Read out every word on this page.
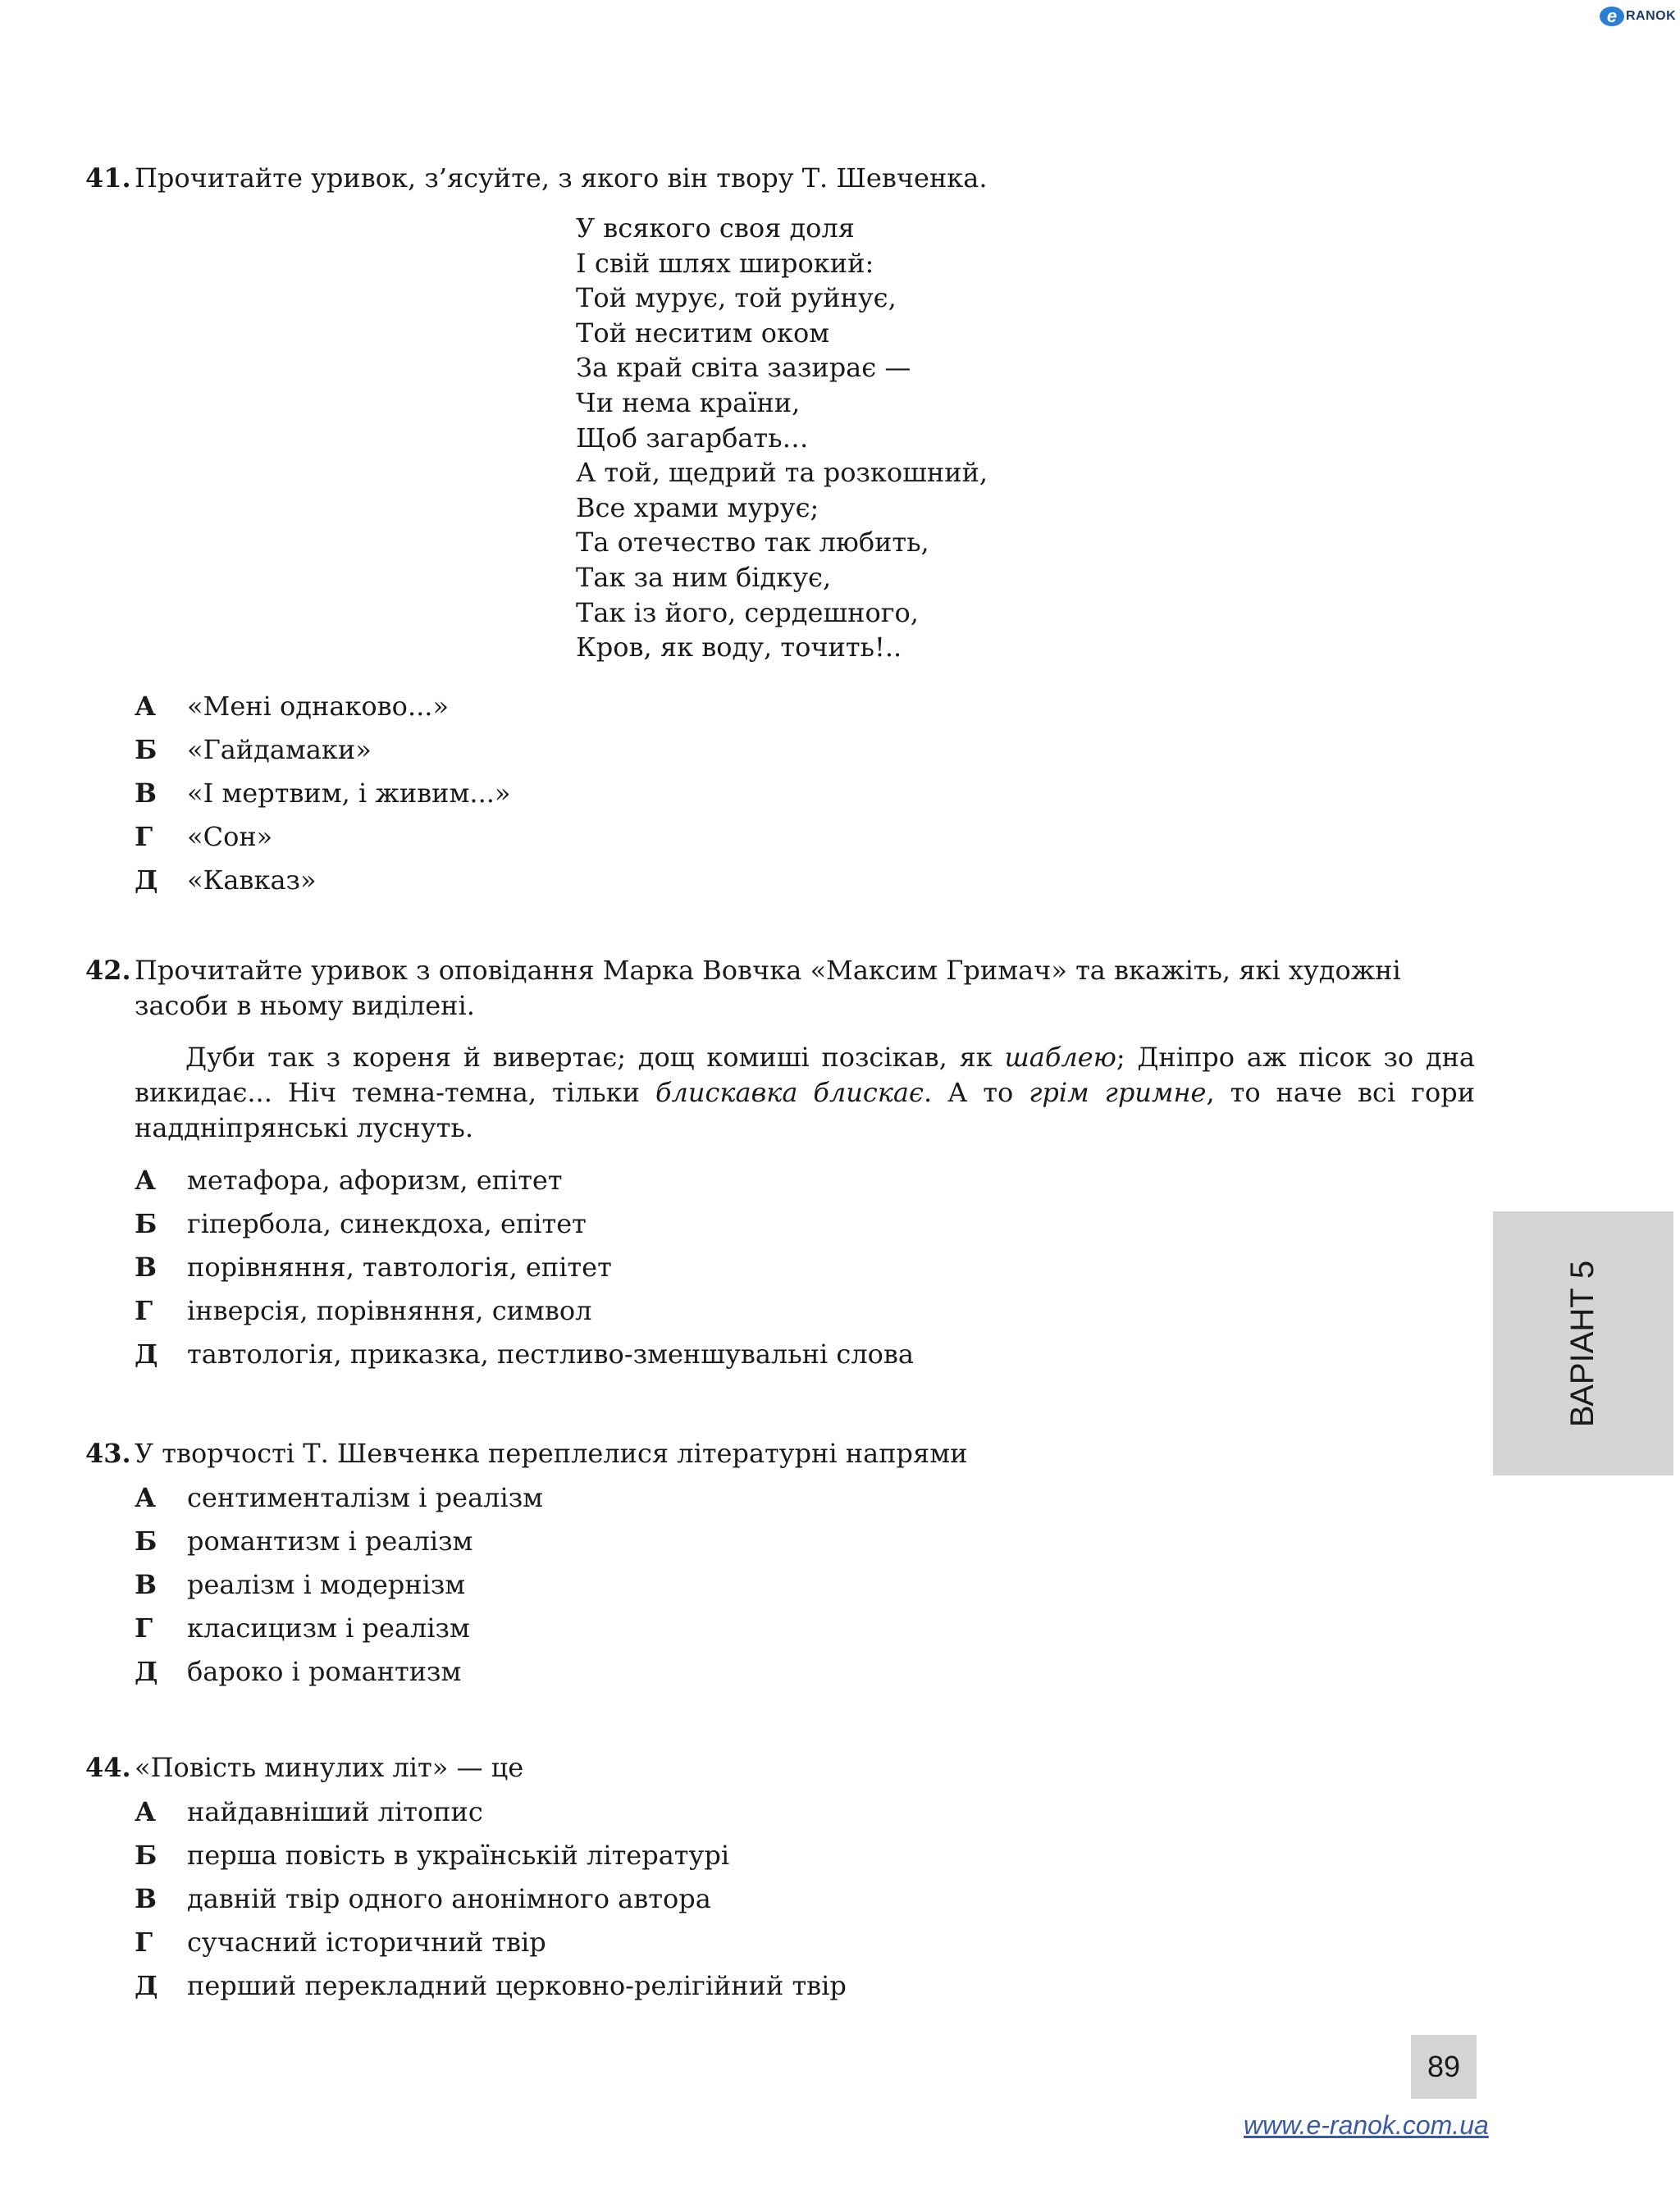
e RANOK
41. Прочитайте уривок, з’ясуйте, з якого він твору Т. Шевченка.
У всякого своя доля
І свій шлях широкий:
Той мурує, той руйнує,
Той неситим оком
За край світа зазирає —
Чи нема країни,
Щоб загарбать…
А той, щедрий та розкошний,
Все храми мурує;
Та отечество так любить,
Так за ним бідкує,
Так із його, сердешного,
Кров, як воду, точить!..
А	«Мені однаково...»
Б	«Гайдамаки»
В	«І мертвим, і живим...»
Г	«Сон»
Д	«Кавказ»
42. Прочитайте уривок з оповідання Марка Вовчка «Максим Гримач» та вкажіть, які художні
засоби в ньому виділені.
Дуби так з кореня й вивертає; дощ комиші позсікав, як шаблею; Дніпро аж пісок зо дна викидає... Ніч темна-темна, тільки блискавка блискає. А то грім гримне, то наче всі гори наддніпрянські луснуть.
А	метафора, афоризм, епітет
Б	гіпербола, синекдоха, епітет
В	порівняння, тавтологія, епітет
Г	інверсія, порівняння, символ
Д	тавтологія, приказка, пестливо-зменшувальні слова
43. У творчості Т. Шевченка переплелися літературні напрями
А	сентименталізм і реалізм
Б	романтизм і реалізм
В	реалізм і модернізм
Г	класицизм і реалізм
Д	бароко і романтизм
44. «Повість минулих літ» — це
А	найдавніший літопис
Б	перша повість в українській літературі
В	давній твір одного анонімного автора
Г	сучасний історичний твір
Д	перший перекладний церковно-релігійний твір
ВАРІАНТ 5
89
www.e-ranok.com.ua
